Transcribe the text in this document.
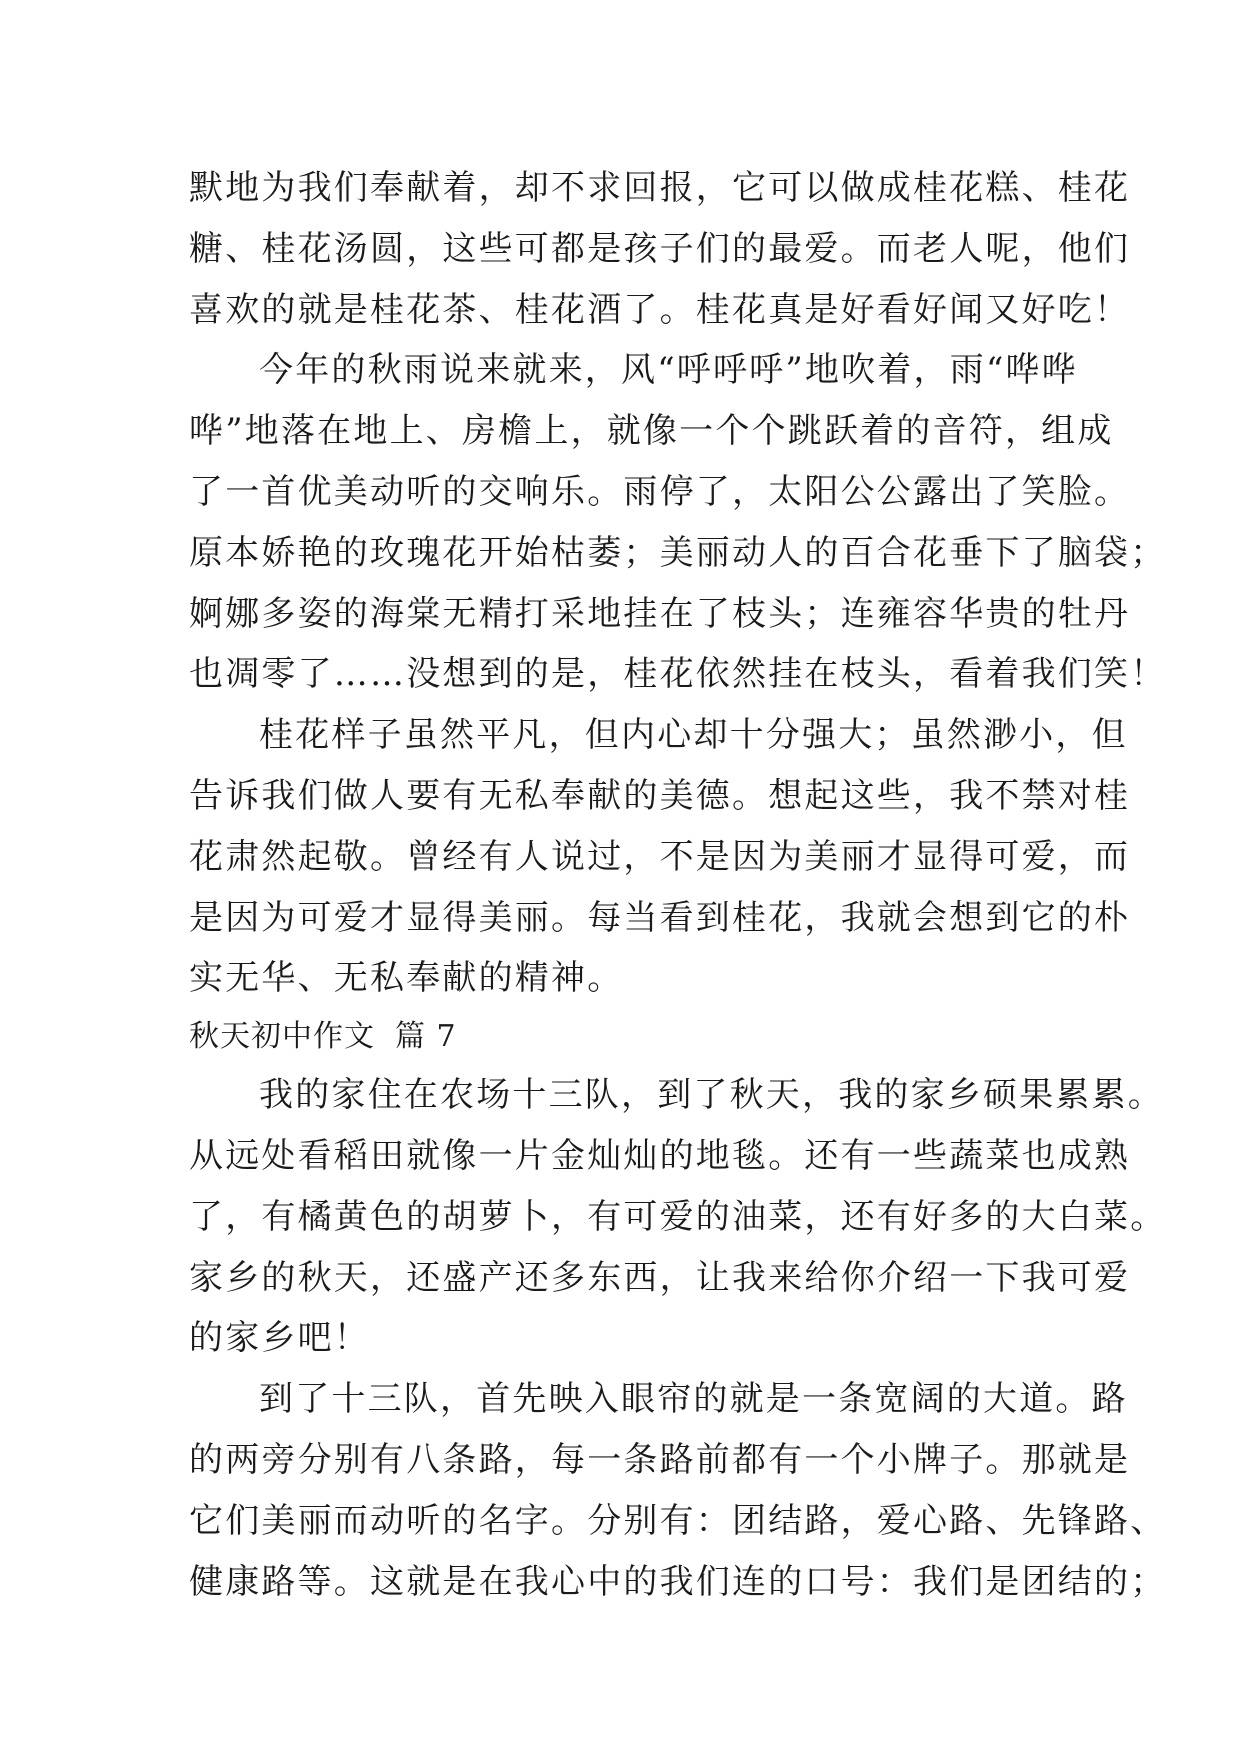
默地为我们奉献着，却不求回报，它可以做成桂花糕、桂花
糖、桂花汤圆，这些可都是孩子们的最爱。而老人呢，他们
喜欢的就是桂花茶、桂花酒了。桂花真是好看好闻又好吃！
今年的秋雨说来就来，风“呼呼呼”地吹着，雨“哗哗
哗”地落在地上、房檐上，就像一个个跳跃着的音符，组成
了一首优美动听的交响乐。雨停了，太阳公公露出了笑脸。
原本娇艳的玫瑰花开始枯萎；美丽动人的百合花垂下了脑袋；
婀娜多姿的海棠无精打采地挂在了枝头；连雍容华贵的牡丹
也凋零了……没想到的是，桂花依然挂在枝头，看着我们笑！
桂花样子虽然平凡，但内心却十分强大；虽然渺小，但
告诉我们做人要有无私奉献的美德。想起这些，我不禁对桂
花肃然起敬。曾经有人说过，不是因为美丽才显得可爱，而
是因为可爱才显得美丽。每当看到桂花，我就会想到它的朴
实无华、无私奉献的精神。
秋天初中作文 篇 7
我的家住在农场十三队，到了秋天，我的家乡硕果累累。
从远处看稻田就像一片金灿灿的地毯。还有一些蔬菜也成熟
了，有橘黄色的胡萝卜，有可爱的油菜，还有好多的大白菜。
家乡的秋天，还盛产还多东西，让我来给你介绍一下我可爱
的家乡吧！
到了十三队，首先映入眼帘的就是一条宽阔的大道。路
的两旁分别有八条路，每一条路前都有一个小牌子。那就是
它们美丽而动听的名字。分别有：团结路，爱心路、先锋路、
健康路等。这就是在我心中的我们连的口号：我们是团结的；
